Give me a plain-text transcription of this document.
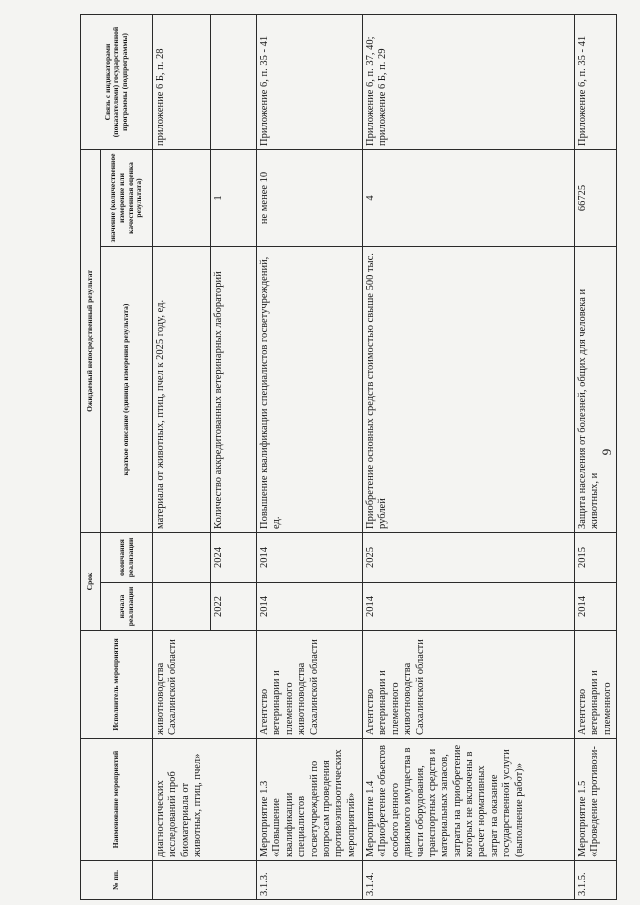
9
№ пп.	Наименование мероприятий	Исполнитель мероприятия	Срок		Ожидаемый непосредственный результат		Связь с индикаторами (показателями) государственной программы (подпрограммы)
			начала реализации	окончания реализации	краткое описание (единица измерения результата)	значение (количественное измерение или качественная оценка результата)	
	диагностических исследований проб биоматериала от животных, птиц, пчел»	животноводства Сахалинской области			материала от животных, птиц, пчел к 2025 году, ед.		приложение 6 Б, п. 28
			2022	2024	Количество аккредитованных ветеринарных лабораторий	1	
3.1.3.	Мероприятие 1.3 «Повышение квалификации специалистов госветучреждений по вопросам проведения противоэпизоотических мероприятий»	Агентство ветеринарии и племенного животноводства Сахалинской области	2014	2014	Повышение квалификации специалистов госветучреждений, ед.	не менее 10	Приложение 6, п. 35 - 41
3.1.4.	Мероприятие 1.4 «Приобретение объектов особого ценного движимого имущества в части оборудования, транспортных средств и материальных запасов, затраты на приобретение которых не включены в расчет нормативных затрат на оказание государственной услуги (выполнение работ)»	Агентство ветеринарии и племенного животноводства Сахалинской области	2014	2025	Приобретение основных средств стоимостью свыше 500 тыс. рублей	4	Приложение 6, п. 37, 40; приложение 6 Б, п. 29
3.1.5.	Мероприятие 1.5 «Проведение противози-	Агентство ветеринарии и племенного	2014	2015	Защита населения от болезней, общих для человека и животных, и	66725	Приложение 6, п. 35 - 41
